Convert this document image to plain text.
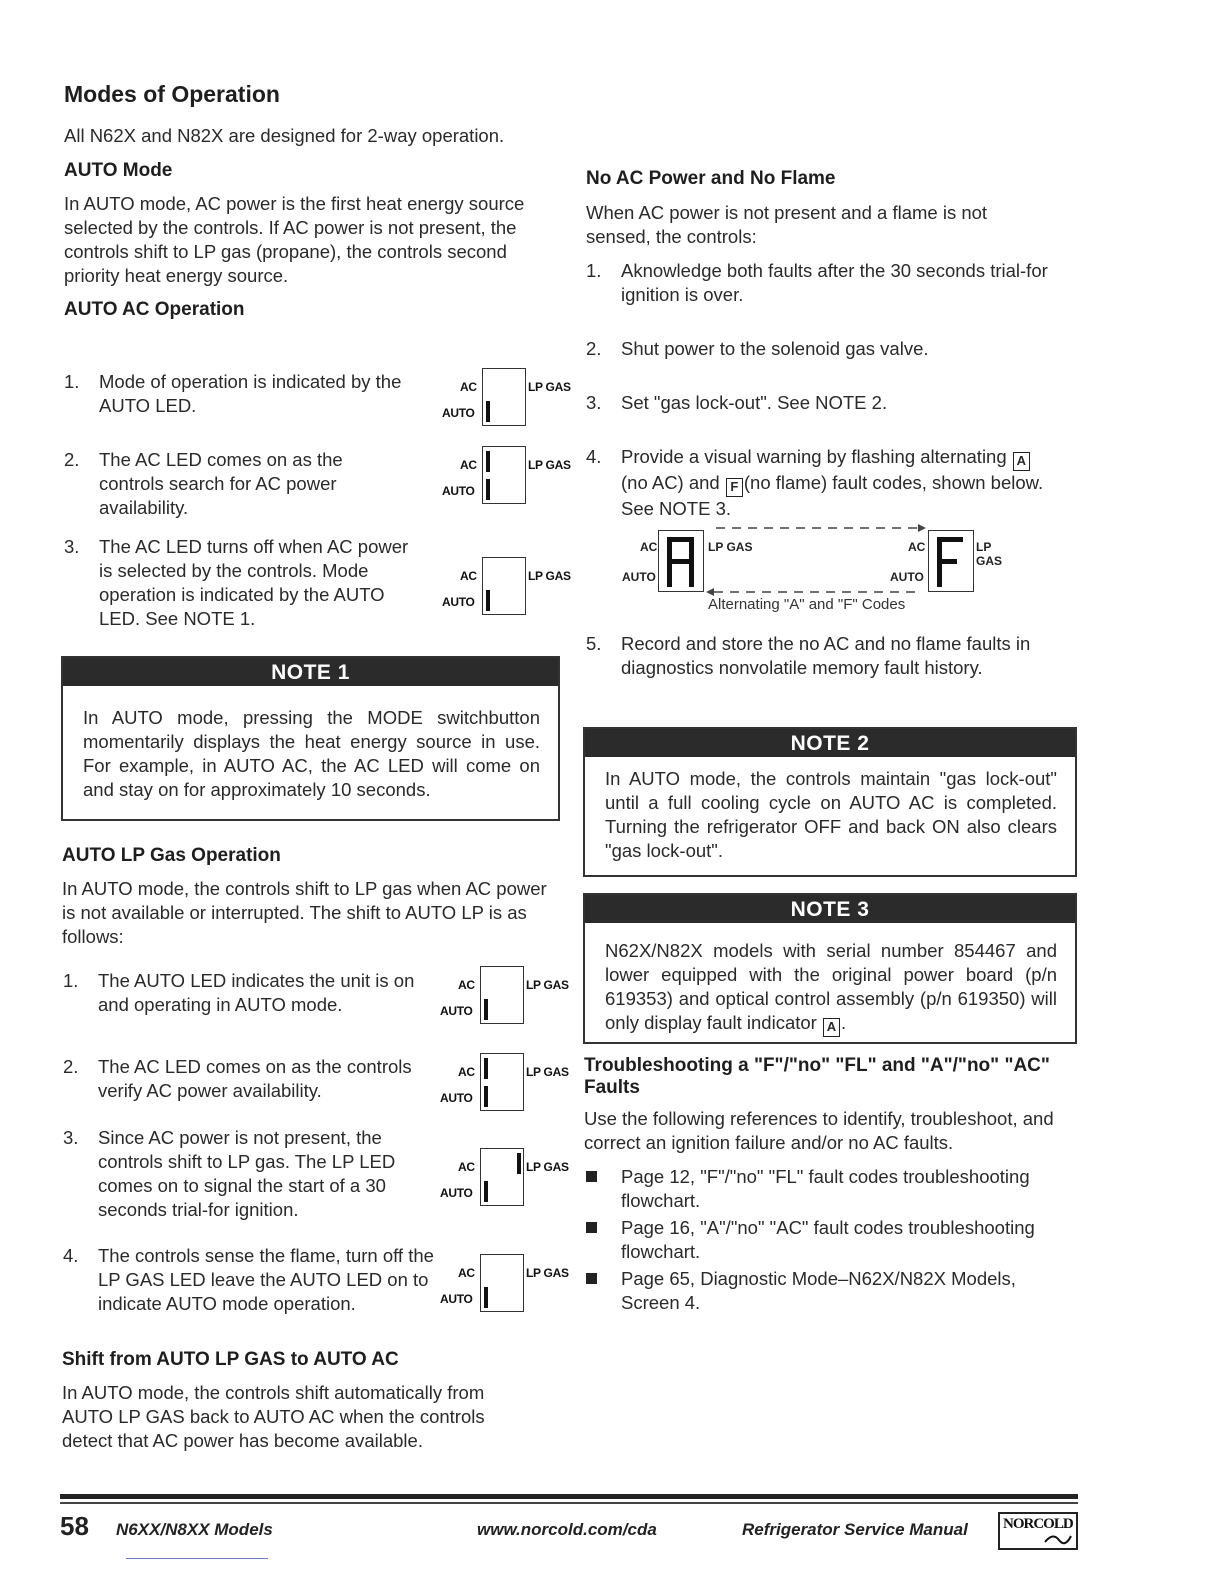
Modes of Operation
All N62X and N82X are designed for 2-way operation.
AUTO Mode
In AUTO mode, AC power is the first heat energy source selected by the controls. If AC power is not present, the controls shift to LP gas (propane), the controls second priority heat energy source.
AUTO AC Operation
1. Mode of operation is indicated by the AUTO LED.
2. The AC LED comes on as the controls search for AC power availability.
3. The AC LED turns off when AC power is selected by the controls. Mode operation is indicated by the AUTO LED. See NOTE 1.
AC
AUTO
LP GAS
AC
AUTO
LP GAS
AC
AUTO
LP GAS
NOTE 1
In AUTO mode, pressing the MODE switchbutton momentarily displays the heat energy source in use. For example, in AUTO AC, the AC LED will come on and stay on for approximately 10 seconds.
AUTO LP Gas Operation
In AUTO mode, the controls shift to LP gas when AC power is not available or interrupted. The shift to AUTO LP is as follows:
1. The AUTO LED indicates the unit is on and operating in AUTO mode.
2. The AC LED comes on as the controls verify AC power availability.
3. Since AC power is not present, the controls shift to LP gas. The LP LED comes on to signal the start of a 30 seconds trial-for ignition.
4. The controls sense the flame, turn off the LP GAS LED leave the AUTO LED on to indicate AUTO mode operation.
AC
AUTO
LP GAS
AC
AUTO
LP GAS
AC
AUTO
LP GAS
AC
AUTO
LP GAS
Shift from AUTO LP GAS to AUTO AC
In AUTO mode, the controls shift automatically from AUTO LP GAS back to AUTO AC when the controls detect that AC power has become available.
No AC Power and No Flame
When AC power is not present and a flame is not sensed, the controls:
1. Aknowledge both faults after the 30 seconds trial-for ignition is over.
2. Shut power to the solenoid gas valve.
3. Set "gas lock-out". See NOTE 2.
4. Provide a visual warning by flashing alternating A(no AC) and F (no flame) fault codes, shown below. See NOTE 3.
AC
AUTO
LP GAS	AC
AUTO
LP GAS
Alternating "A" and "F" Codes
5. Record and store the no AC and no flame faults in diagnostics nonvolatile memory fault history.
NOTE 2
In AUTO mode, the controls maintain "gas lock-out" until a full cooling cycle on AUTO AC is completed. Turning the refrigerator OFF and back ON also clears "gas lock-out".
NOTE 3
N62X/N82X models with serial number 854467 and lower equipped with the original power board (p/n 619353) and optical control assembly (p/n 619350) will only display fault indicator A .
Troubleshooting a "F"/"no" "FL" and "A"/"no" "AC" Faults
Use the following references to identify, troubleshoot, and correct an ignition failure and/or no AC faults.
Page 12, "F"/"no" "FL" fault codes troubleshooting flowchart.
Page 16, "A"/"no" "AC" fault codes troubleshooting flowchart.
Page 65, Diagnostic Mode–N62X/N82X Models, Screen 4.
58 N6XX/N8XX Models	www.norcold.com/cda	Refrigerator Service Manual NORCOLD
